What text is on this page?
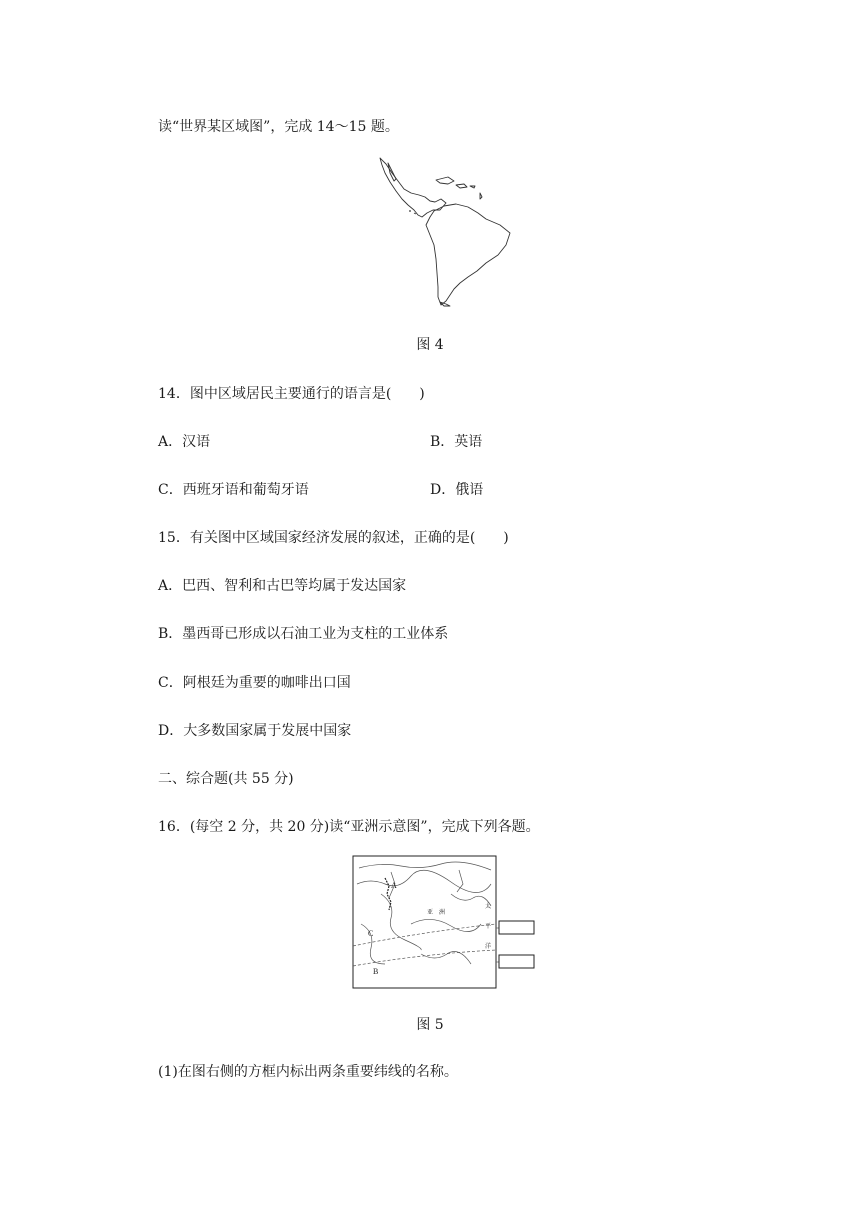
读“世界某区域图”，完成 14～15 题。
图 4
14．图中区域居民主要通行的语言是(　　)
A．汉语	B．英语
C．西班牙语和葡萄牙语	D．俄语
15．有关图中区域国家经济发展的叙述，正确的是(　　)
A．巴西、智利和古巴等均属于发达国家
B．墨西哥已形成以石油工业为支柱的工业体系
C．阿根廷为重要的咖啡出口国
D．大多数国家属于发展中国家
二、综合题(共 55 分)
16．(每空 2 分，共 20 分)读“亚洲示意图”，完成下列各题。
A
B
C
亚　洲
太
平
洋
图 5
(1)在图右侧的方框内标出两条重要纬线的名称。
